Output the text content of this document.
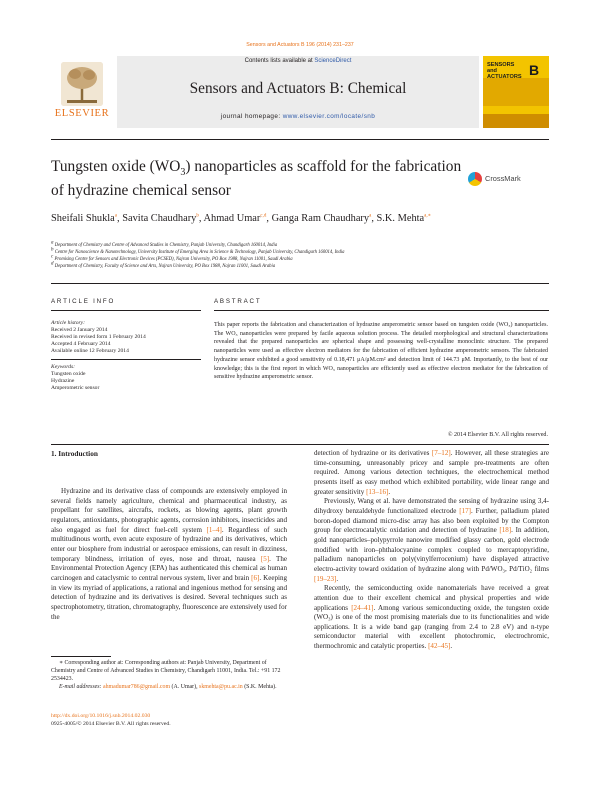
Sensors and Actuators B 196 (2014) 231–237
ELSEVIER
Contents lists available at ScienceDirect
Sensors and Actuators B: Chemical
journal homepage: www.elsevier.com/locate/snb
SENSORS
and
ACTUATORS B
Tungsten oxide $(WO_3)$ nanoparticles as scaffold for the fabrication of hydrazine chemical sensor
CrossMark
Sheifali Shukla$^a$, Savita Chaudhary$^b$, Ahmad Umar$^{c,d}$, Ganga Ram Chaudhary$^a$, S.K. Mehta$^{a,∗}$
a Department of Chemistry and Centre of Advanced Studies in Chemistry, Panjab University, Chandigarh 160014, India
b Centre for Nanoscience & Nanotechnology, University Institute of Emerging Area in Science & Technology, Panjab University, Chandigarh 160014, India
c Promising Centre for Sensors and Electronic Devices (PCSED), Najran University, PO Box 1988, Najran 11001, Saudi Arabia
d Department of Chemistry, Faculty of Science and Arts, Najran University, PO Box 1988, Najran 11001, Saudi Arabia
ARTICLE INFO
Article history:
Received 2 January 2014
Received in revised form 1 February 2014
Accepted 4 February 2014
Available online 12 February 2014
Keywords:
Tungsten oxide
Hydrazine
Amperometric sensor
ABSTRACT
This paper reports the fabrication and characterization of hydrazine amperometric sensor based on tungsten oxide (WO₃) nanoparticles. The WO₃ nanoparticles were prepared by facile aqueous solution process. The detailed morphological and structural characterizations revealed that the prepared nanoparticles are spherical shape and possessing well-crystalline monoclinic structure. The prepared nanoparticles were used as effective electron mediators for the fabrication of efficient hydrazine amperometric sensors. The fabricated hydrazine sensor exhibited a good sensitivity of 0.18,471 μA/μM.cm² and detection limit of 144.73 μM. Importantly, to the best of our knowledge; this is the first report in which WO₃ nanoparticles are efficiently used as effective electron mediator for the fabrication of sensitive hydrazine amperometric sensor.
© 2014 Elsevier B.V. All rights reserved.
1. Introduction

Hydrazine and its derivative class of compounds are extensively employed in several fields namely agriculture, chemical and pharmaceutical industry, as propellant for satellites, aircrafts, rockets, as blowing agents, plant growth regulators, antioxidants, photographic agents, corrosion inhibitors, insecticides and also engaged as fuel for direct fuel-cell system [1–4]. Regardless of such multitudinous worth, even acute exposure of hydrazine and its derivatives, which enter our biosphere from industrial or aerospace emissions, can result in dizziness, temporary blindness, irritation of eyes, nose and throat, nausea [5]. The Environmental Protection Agency (EPA) has authenticated this chemical as human carcinogen and cataclysmic to central nervous system, liver and brain [6]. Keeping in view its myriad of applications, a rational and ingenious method for sensing and detection of hydrazine and its derivatives is desired. Several techniques such as spectrophotometry, titration, chromatography, fluorescence are extensively used for the

detection of hydrazine or its derivatives [7–12]. However, all these strategies are time-consuming, unreasonably pricey and sample pre-treatments are often required. Among various detection techniques, the electrochemical method presents itself as easy method which exhibited portability, wide linear range and greater sensitivity [13–16].

Previously, Wang et al. have demonstrated the sensing of hydrazine using 3,4-dihydroxy benzaldehyde functionalized electrode [17]. Further, palladium plated boron-doped diamond micro-disc array has also been exploited by the Compton group for electrocatalytic oxidation and detection of hydrazine [18]. In addition, gold nanoparticles–polypyrrole nanowire modified glassy carbon, gold electrode modified with iron–phthalocyanine complex coupled to mercaptopyridine, palladium nanoparticles on poly(vinylferrocenium) have displayed attractive electro-activity toward oxidation of hydrazine along with Pd/WO₃, Pd/TiO₂ films [19–23].

Recently, the semiconducting oxide nanomaterials have received a great attention due to their excellent chemical and physical properties and wide applications [24–41]. Among various semiconducting oxide, the tungsten oxide (WO₃) is one of the most promising materials due to its functionalities and wide applications. It is a wide band gap (ranging from 2.4 to 2.8 eV) and n-type semiconductor material with excellent photochromic, electrochromic, thermochromic and catalytic properties. [42–45].

∗ Corresponding author at: Corresponding authors at: Panjab University, Department of Chemistry and Centre of Advanced Studies in Chemistry, Chandigarh 11001, India. Tel.: +91 172 2534423.

E-mail addresses: ahmadumar786@gmail.com (A. Umar), skmehta@pu.ac.in (S.K. Mehta).

http://dx.doi.org/10.1016/j.snb.2014.02.030
0925-4005/© 2014 Elsevier B.V. All rights reserved.
